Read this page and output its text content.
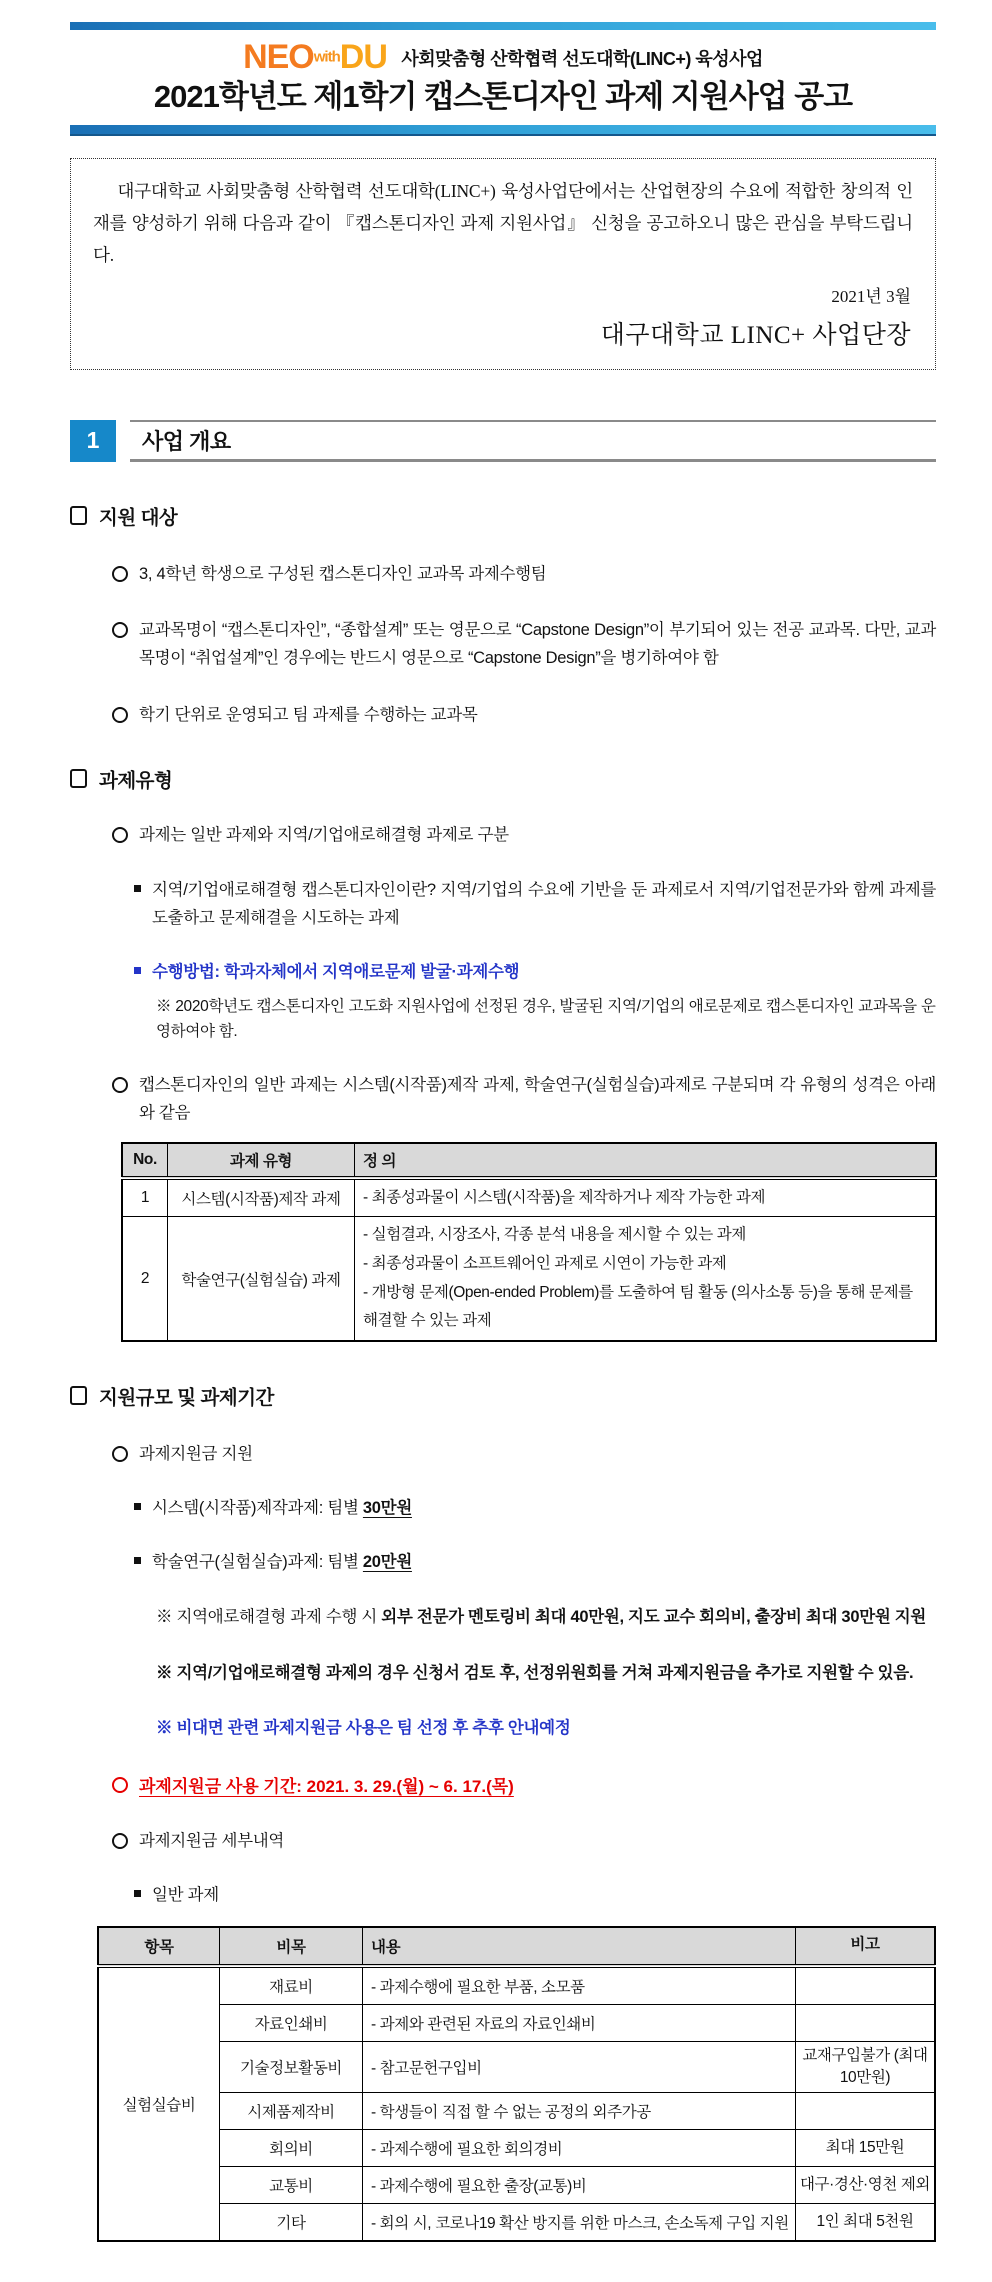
NEOwithDU 사회맞춤형 산학협력 선도대학(LINC+) 육성사업
2021학년도 제1학기 캡스톤디자인 과제 지원사업 공고

대구대학교 사회맞춤형 산학협력 선도대학(LINC+) 육성사업단에서는 산업현장의 수요에 적합한 창의적 인재를 양성하기 위해 다음과 같이 『캡스톤디자인 과제 지원사업』 신청을 공고하오니 많은 관심을 부탁드립니다.

2021년 3월

대구대학교 LINC+ 사업단장

1	사업 개요
지원 대상
3, 4학년 학생으로 구성된 캡스톤디자인 교과목 과제수행팀
교과목명이 “캡스톤디자인”, “종합설계” 또는 영문으로 “Capstone Design”이 부기되어 있는 전공 교과목. 다만, 교과목명이 “취업설계”인 경우에는 반드시 영문으로 “Capstone Design”을 병기하여야 함
학기 단위로 운영되고 팀 과제를 수행하는 교과목
과제유형
과제는 일반 과제와 지역/기업애로해결형 과제로 구분
지역/기업애로해결형 캡스톤디자인이란? 지역/기업의 수요에 기반을 둔 과제로서 지역/기업전문가와 함께 과제를 도출하고 문제해결을 시도하는 과제
수행방법: 학과자체에서 지역애로문제 발굴·과제수행
※ 2020학년도 캡스톤디자인 고도화 지원사업에 선정된 경우, 발굴된 지역/기업의 애로문제로 캡스톤디자인 교과목을 운영하여야 함.
캡스톤디자인의 일반 과제는 시스템(시작품)제작 과제, 학술연구(실험실습)과제로 구분되며 각 유형의 성격은 아래와 같음
No.	과제 유형	정 의
1	시스템(시작품)제작 과제	- 최종성과물이 시스템(시작품)을 제작하거나 제작 가능한 과제

2	학술연구(실험실습) 과제	- 실험결과, 시장조사, 각종 분석 내용을 제시할 수 있는 과제
- 최종성과물이 소프트웨어인 과제로 시연이 가능한 과제
- 개방형 문제(Open-ended Problem)를 도출하여 팀 활동 (의사소통 등)을 통해 문제를 해결할 수 있는 과제
지원규모 및 과제기간
과제지원금 지원
시스템(시작품)제작과제: 팀별 30만원
학술연구(실험실습)과제: 팀별 20만원
※ 지역애로해결형 과제 수행 시 외부 전문가 멘토링비 최대 40만원, 지도 교수 회의비, 출장비 최대 30만원 지원
※ 지역/기업애로해결형 과제의 경우 신청서 검토 후, 선정위원회를 거쳐 과제지원금을 추가로 지원할 수 있음.
※ 비대면 관련 과제지원금 사용은 팀 선정 후 추후 안내예정
과제지원금 사용 기간: 2021. 3. 29.(월) ~ 6. 17.(목)
과제지원금 세부내역
일반 과제
항목	비목	내용	비고
실험실습비	재료비	- 과제수행에 필요한 부품, 소모품	
	자료인쇄비	- 과제와 관련된 자료의 자료인쇄비	
	기술정보활동비	- 참고문헌구입비	교재구입불가 (최대 10만원)
	시제품제작비	- 학생들이 직접 할 수 없는 공정의 외주가공	
	회의비	- 과제수행에 필요한 회의경비	최대 15만원
	교통비	- 과제수행에 필요한 출장(교통)비	대구·경산·영천 제외
	기타	- 회의 시, 코로나19 확산 방지를 위한 마스크, 손소독제 구입 지원	1인 최대 5천원
